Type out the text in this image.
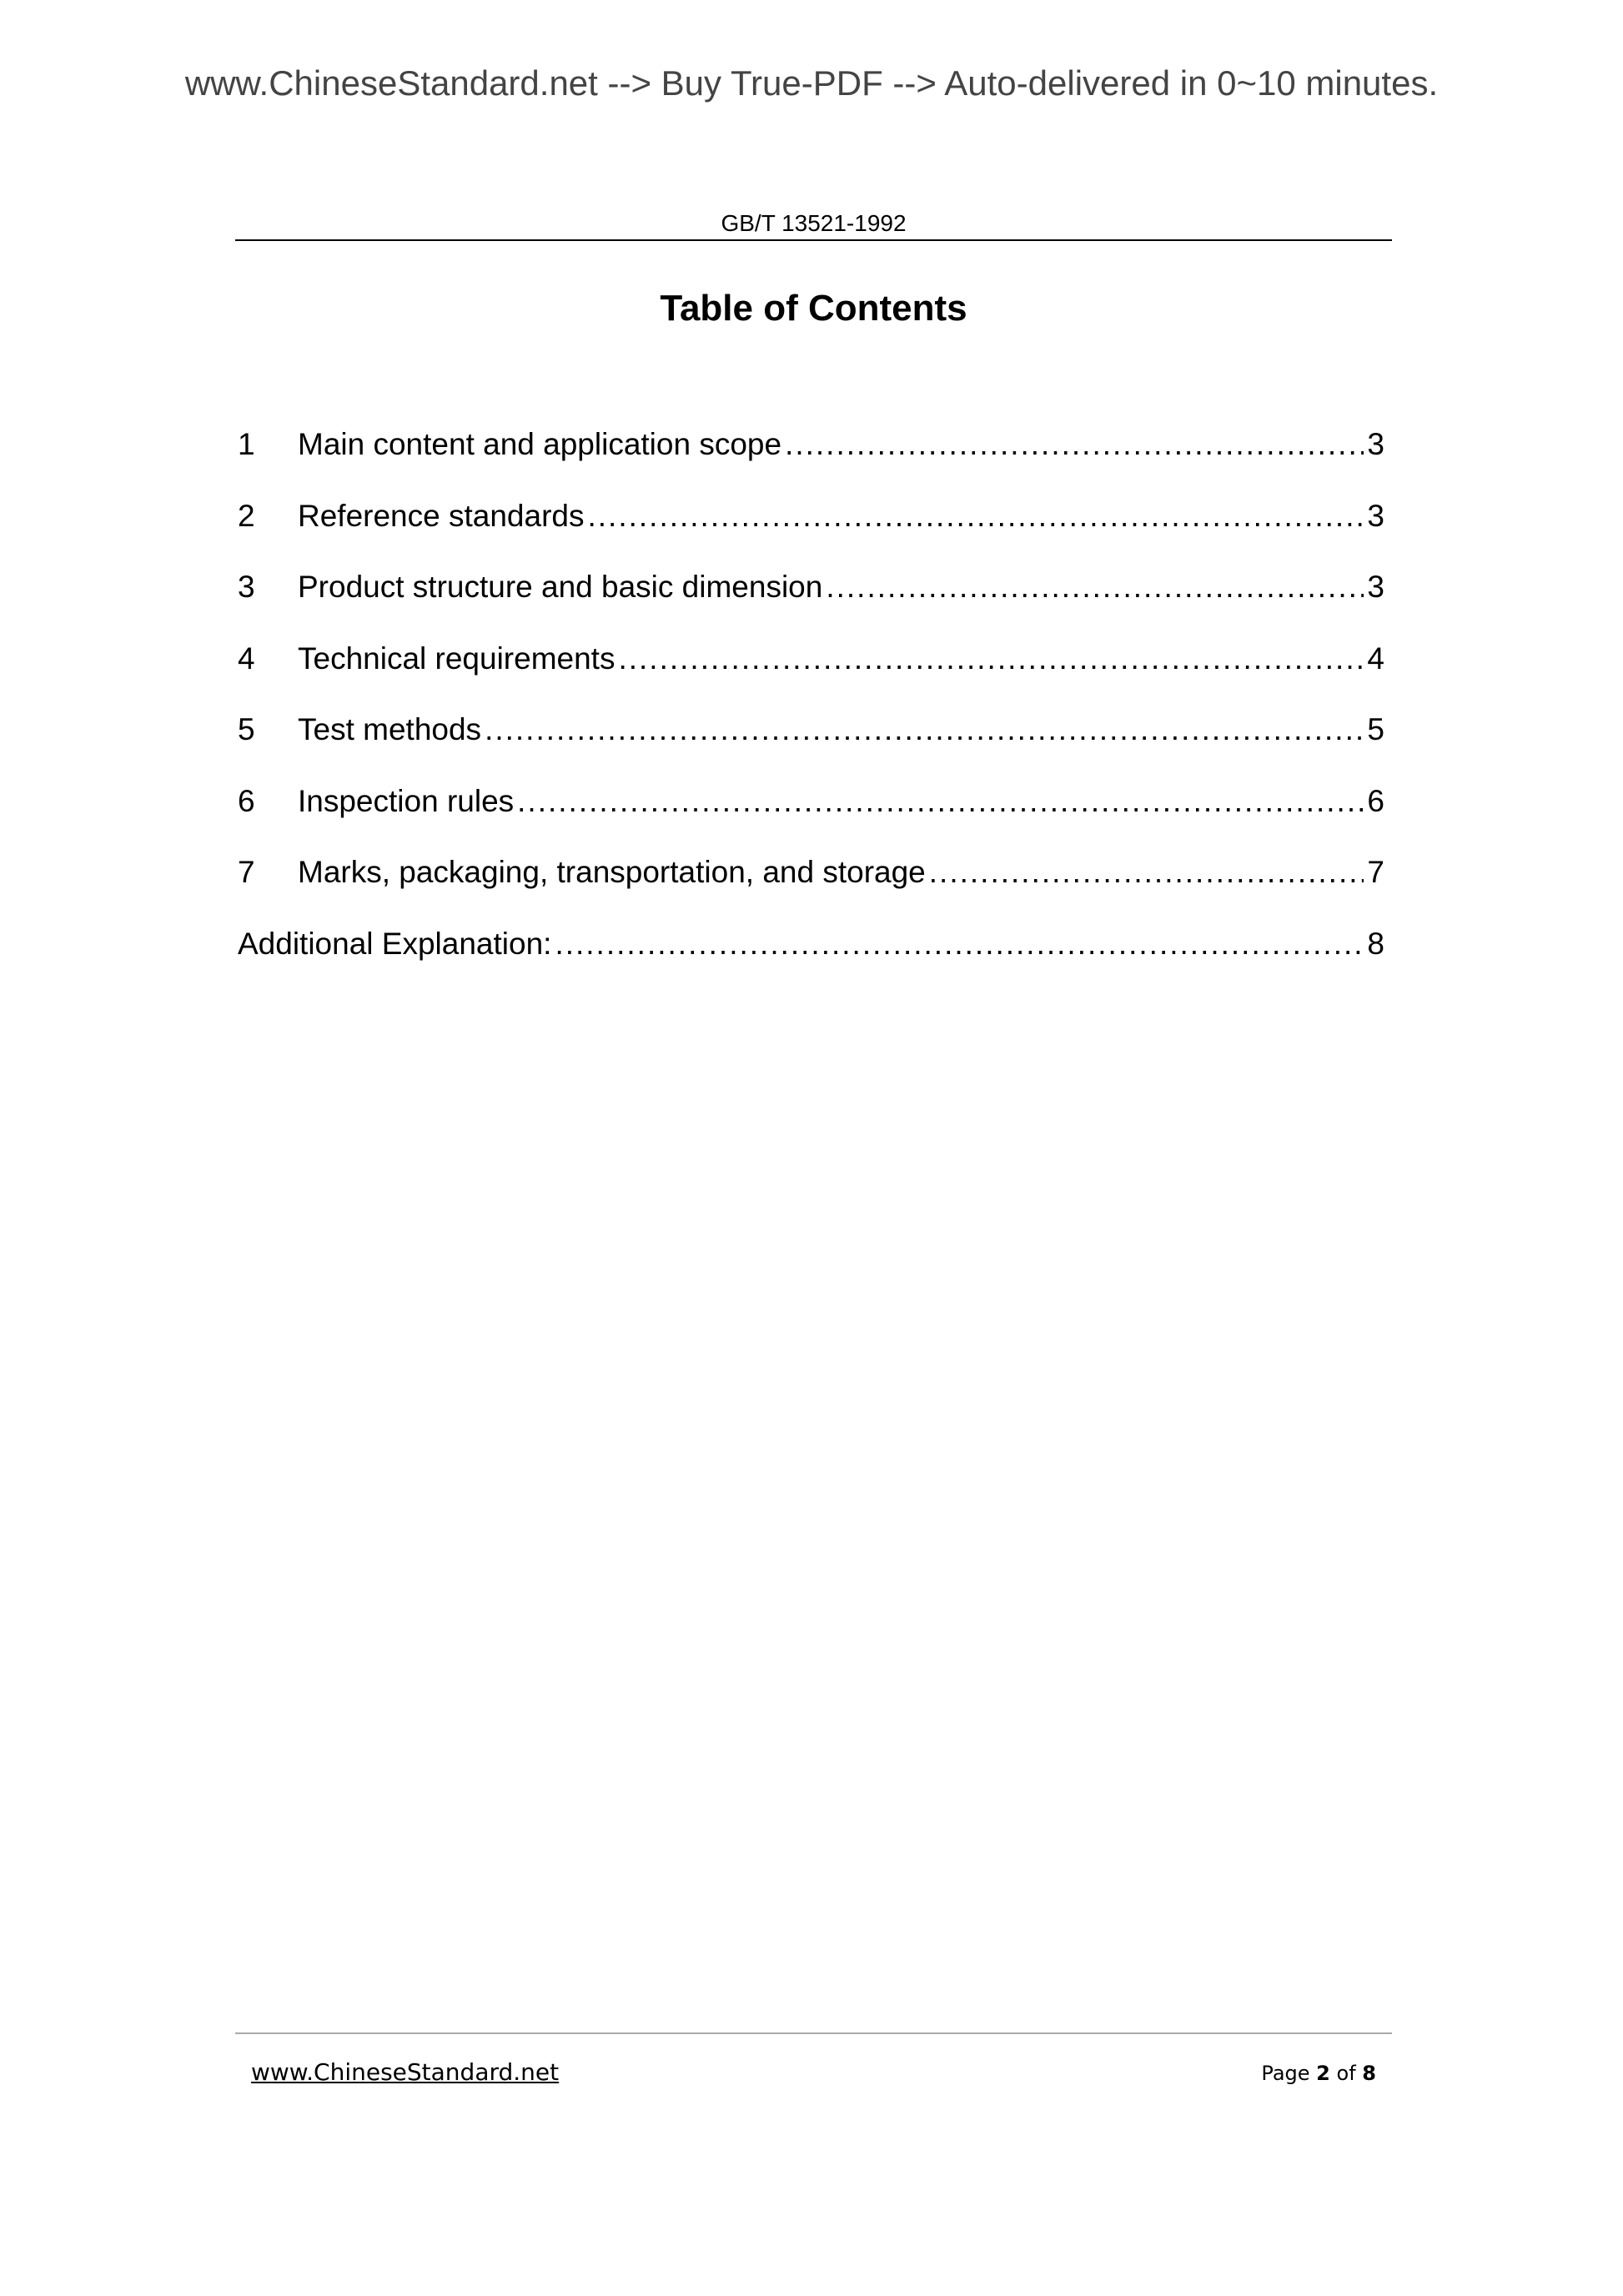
www.ChineseStandard.net --> Buy True-PDF --> Auto-delivered in 0~10 minutes.
GB/T 13521-1992
Table of Contents
1	Main content and application scope .....	3
2	Reference standards .....	3
3	Product structure and basic dimension .....	3
4	Technical requirements .....	4
5	Test methods .....	5
6	Inspection rules .....	6
7	Marks, packaging, transportation, and storage .....	7
Additional Explanation: .....	8
www.ChineseStandard.net	Page 2 of 8
